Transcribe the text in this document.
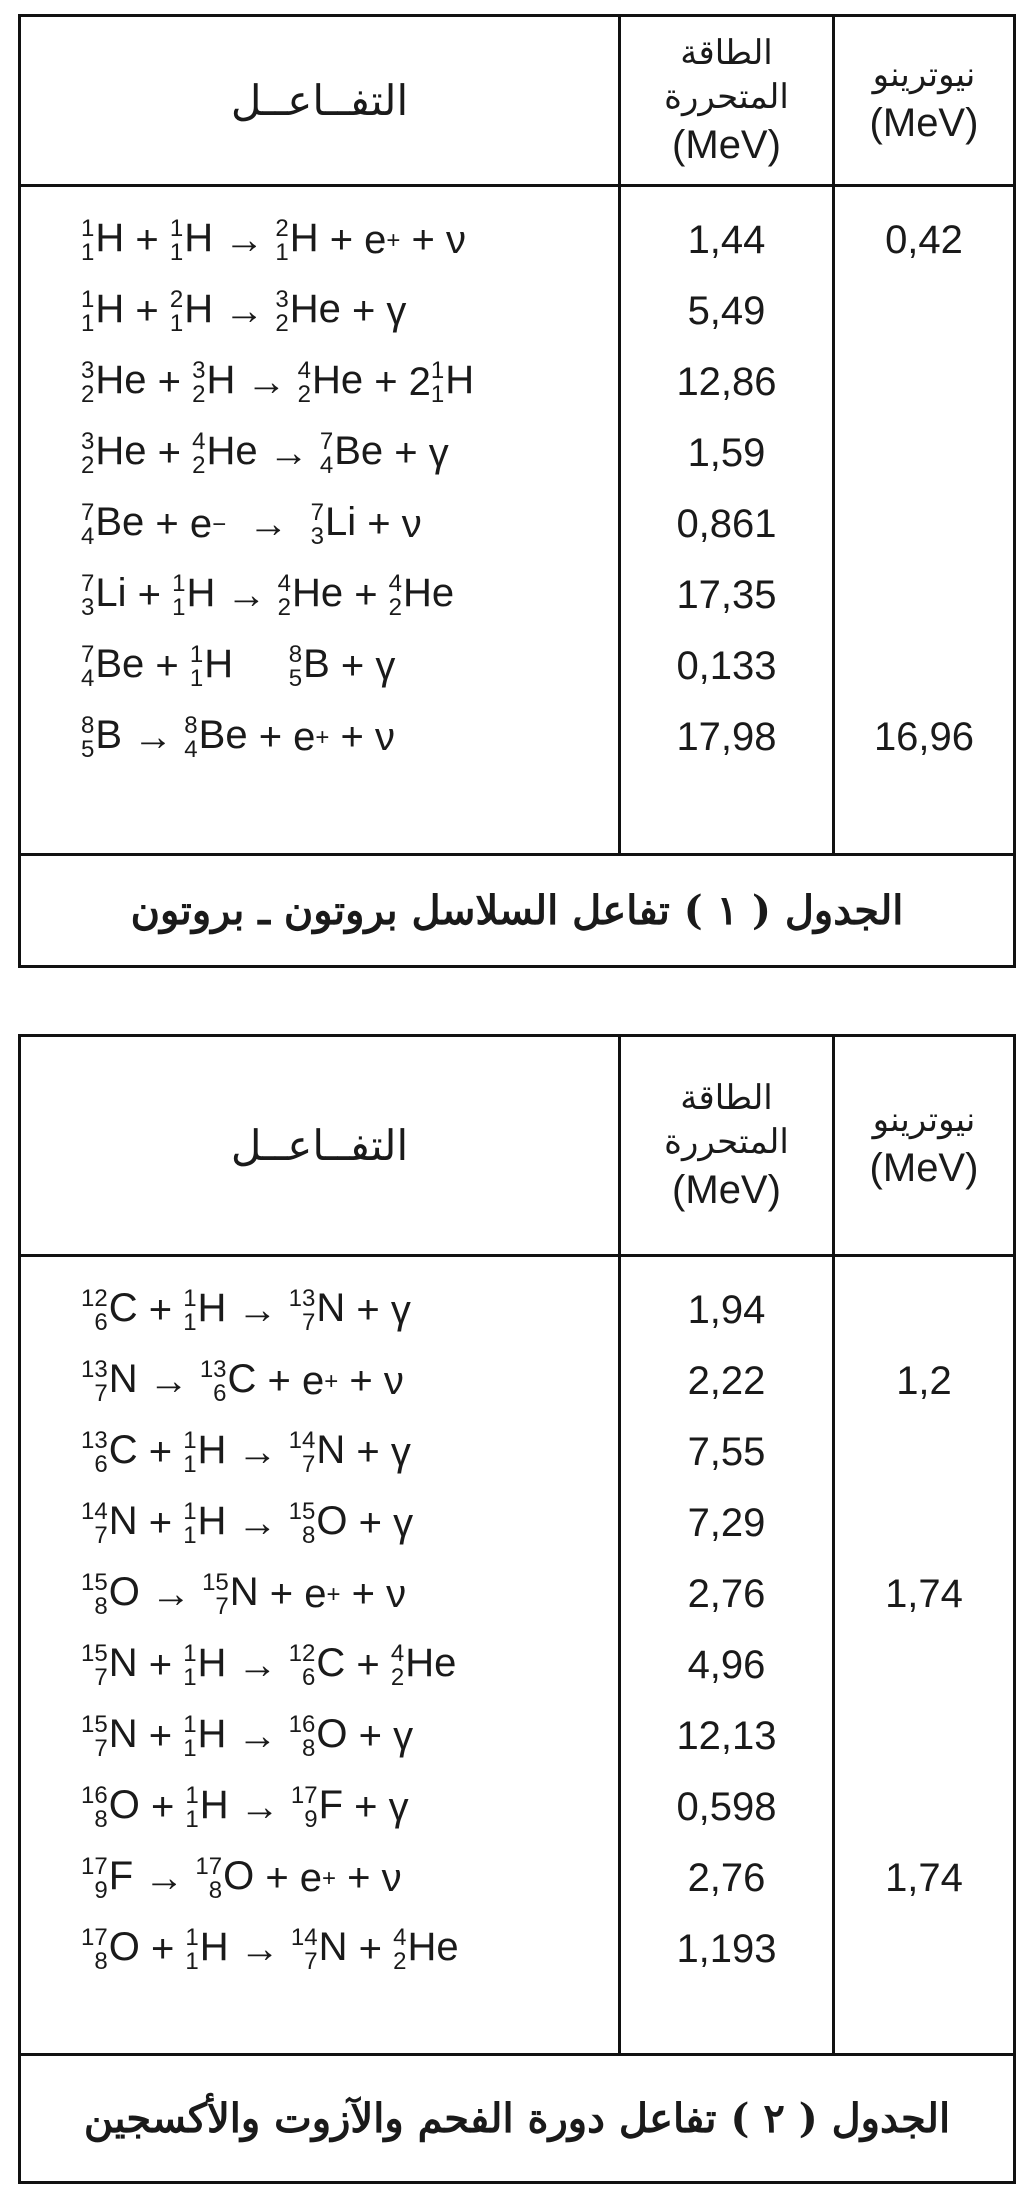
التفــاعــل
الطاقة
المتحررة
(MeV)
نيوترينو
(MeV)
1
1 H + 1
1 H → 2
1 H + e + + ν
1
1 H + 2
1 H → 3
2 He + γ
3
2 He + 3
2 H → 4
2 He + 2 1
1 H
3
2 He + 4
2 He → 7
4 Be + γ
7
4 Be + e − → 7
3 Li + ν
7
3 Li + 1
1 H → 4
2 He + 4
2 He
7
4 Be + 1
1 H
8
5 B + γ
8
5 B → 8
4 Be + e + + ν
1,44
5,49
12,86
1,59
0,861
17,35
0,133
17,98
0,42
16,96
الجدول ( ١ ) تفاعل السلاسل بروتون ـ بروتون
التفــاعــل
الطاقة
المتحررة
(MeV)
نيوترينو
(MeV)
12
6 C + 1
1 H → 13
7 N + γ
13
7 N → 13
6 C + e + + ν
13
6 C + 1
1 H → 14
7 N + γ
14
7 N + 1
1 H → 15
8 O + γ
15
8 O → 15
7 N + e + + ν
15
7 N + 1
1 H → 12
6 C + 4
2 He
15
7 N + 1
1 H → 16
8 O + γ
16
8 O + 1
1 H → 17
9 F + γ
17
9 F → 17
8 O + e + + ν
17
8 O + 1
1 H → 14
7 N + 4
2 He
1,94
2,22
7,55
7,29
2,76
4,96
12,13
0,598
2,76
1,193
1,2
1,74
1,74
الجدول ( ٢ ) تفاعل دورة الفحم والآزوت والأكسجين
